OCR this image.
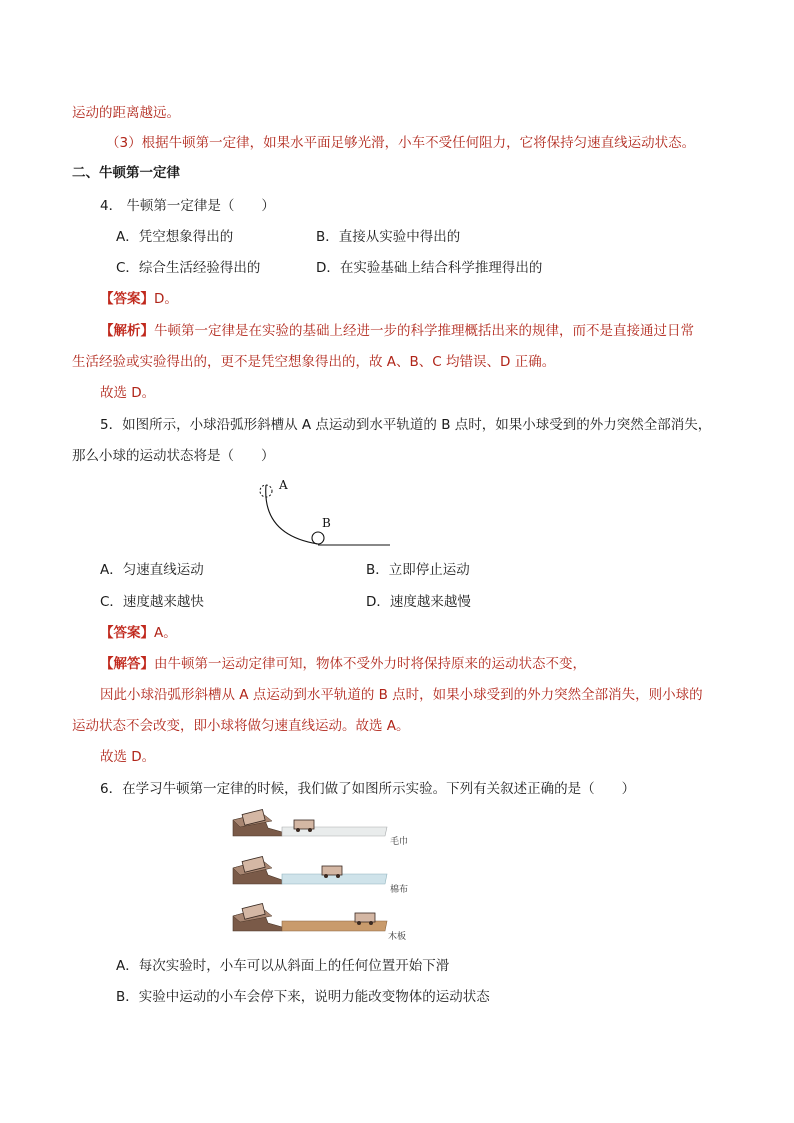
运动的距离越远。
（3）根据牛顿第一定律，如果水平面足够光滑，小车不受任何阻力，它将保持匀速直线运动状态。
二、牛顿第一定律
4． 牛顿第一定律是（　　）
A．凭空想象得出的	B．直接从实验中得出的
C．综合生活经验得出的	D．在实验基础上结合科学推理得出的
【答案】D。
【解析】牛顿第一定律是在实验的基础上经进一步的科学推理概括出来的规律，而不是直接通过日常
生活经验或实验得出的，更不是凭空想象得出的，故 A、B、C 均错误、D 正确。
故选 D。
5．如图所示，小球沿弧形斜槽从 A 点运动到水平轨道的 B 点时，如果小球受到的外力突然全部消失，
那么小球的运动状态将是（　　）
A
B
A．匀速直线运动	B．立即停止运动
C．速度越来越快	D．速度越来越慢
【答案】A。
【解答】由牛顿第一运动定律可知，物体不受外力时将保持原来的运动状态不变，
因此小球沿弧形斜槽从 A 点运动到水平轨道的 B 点时，如果小球受到的外力突然全部消失，则小球的
运动状态不会改变，即小球将做匀速直线运动。故选 A。
故选 D。
6．在学习牛顿第一定律的时候，我们做了如图所示实验。下列有关叙述正确的是（　　）
毛巾
棉布
木板
A．每次实验时，小车可以从斜面上的任何位置开始下滑
B．实验中运动的小车会停下来，说明力能改变物体的运动状态
